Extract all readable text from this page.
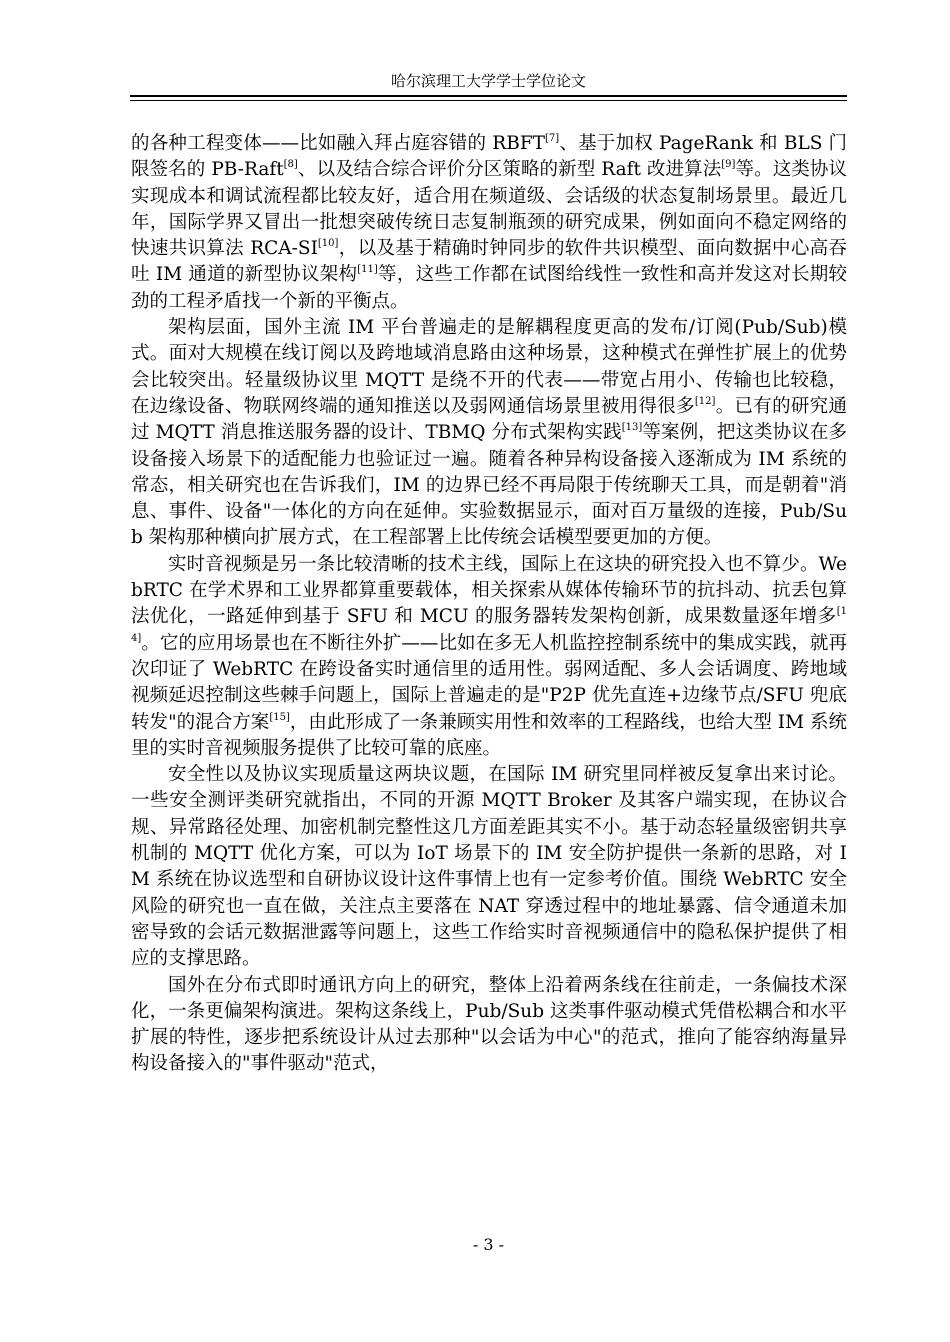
哈尔滨理工大学学士学位论文

的各种工程变体——比如融入拜占庭容错的 RBFT[7]、基于加权 PageRank 和 BLS 门限签名的 PB-Raft[8]、以及结合综合评价分区策略的新型 Raft 改进算法[9]等。这类协议实现成本和调试流程都比较友好，适合用在频道级、会话级的状态复制场景里。最近几年，国际学界又冒出一批想突破传统日志复制瓶颈的研究成果，例如面向不稳定网络的快速共识算法 RCA-SI[10]，以及基于精确时钟同步的软件共识模型、面向数据中心高吞吐 IM 通道的新型协议架构[11]等，这些工作都在试图给线性一致性和高并发这对长期较劲的工程矛盾找一个新的平衡点。

架构层面，国外主流 IM 平台普遍走的是解耦程度更高的发布/订阅(Pub/Sub)模式。面对大规模在线订阅以及跨地域消息路由这种场景，这种模式在弹性扩展上的优势会比较突出。轻量级协议里 MQTT 是绕不开的代表——带宽占用小、传输也比较稳，在边缘设备、物联网终端的通知推送以及弱网通信场景里被用得很多[12]。已有的研究通过 MQTT 消息推送服务器的设计、TBMQ 分布式架构实践[13]等案例，把这类协议在多设备接入场景下的适配能力也验证过一遍。随着各种异构设备接入逐渐成为 IM 系统的常态，相关研究也在告诉我们，IM 的边界已经不再局限于传统聊天工具，而是朝着"消息、事件、设备"一体化的方向在延伸。实验数据显示，面对百万量级的连接，Pub/Sub 架构那种横向扩展方式，在工程部署上比传统会话模型要更加的方便。

实时音视频是另一条比较清晰的技术主线，国际上在这块的研究投入也不算少。WebRTC 在学术界和工业界都算重要载体，相关探索从媒体传输环节的抗抖动、抗丢包算法优化，一路延伸到基于 SFU 和 MCU 的服务器转发架构创新，成果数量逐年增多[14]。它的应用场景也在不断往外扩——比如在多无人机监控控制系统中的集成实践，就再次印证了 WebRTC 在跨设备实时通信里的适用性。弱网适配、多人会话调度、跨地域视频延迟控制这些棘手问题上，国际上普遍走的是"P2P 优先直连+边缘节点/SFU 兜底转发"的混合方案[15]，由此形成了一条兼顾实用性和效率的工程路线，也给大型 IM 系统里的实时音视频服务提供了比较可靠的底座。

安全性以及协议实现质量这两块议题，在国际 IM 研究里同样被反复拿出来讨论。一些安全测评类研究就指出，不同的开源 MQTT Broker 及其客户端实现，在协议合规、异常路径处理、加密机制完整性这几方面差距其实不小。基于动态轻量级密钥共享机制的 MQTT 优化方案，可以为 IoT 场景下的 IM 安全防护提供一条新的思路，对 IM 系统在协议选型和自研协议设计这件事情上也有一定参考价值。围绕 WebRTC 安全风险的研究也一直在做，关注点主要落在 NAT 穿透过程中的地址暴露、信令通道未加密导致的会话元数据泄露等问题上，这些工作给实时音视频通信中的隐私保护提供了相应的支撑思路。

国外在分布式即时通讯方向上的研究，整体上沿着两条线在往前走，一条偏技术深化，一条更偏架构演进。架构这条线上，Pub/Sub 这类事件驱动模式凭借松耦合和水平扩展的特性，逐步把系统设计从过去那种"以会话为中心"的范式，推向了能容纳海量异构设备接入的"事件驱动"范式，

- 3 -
